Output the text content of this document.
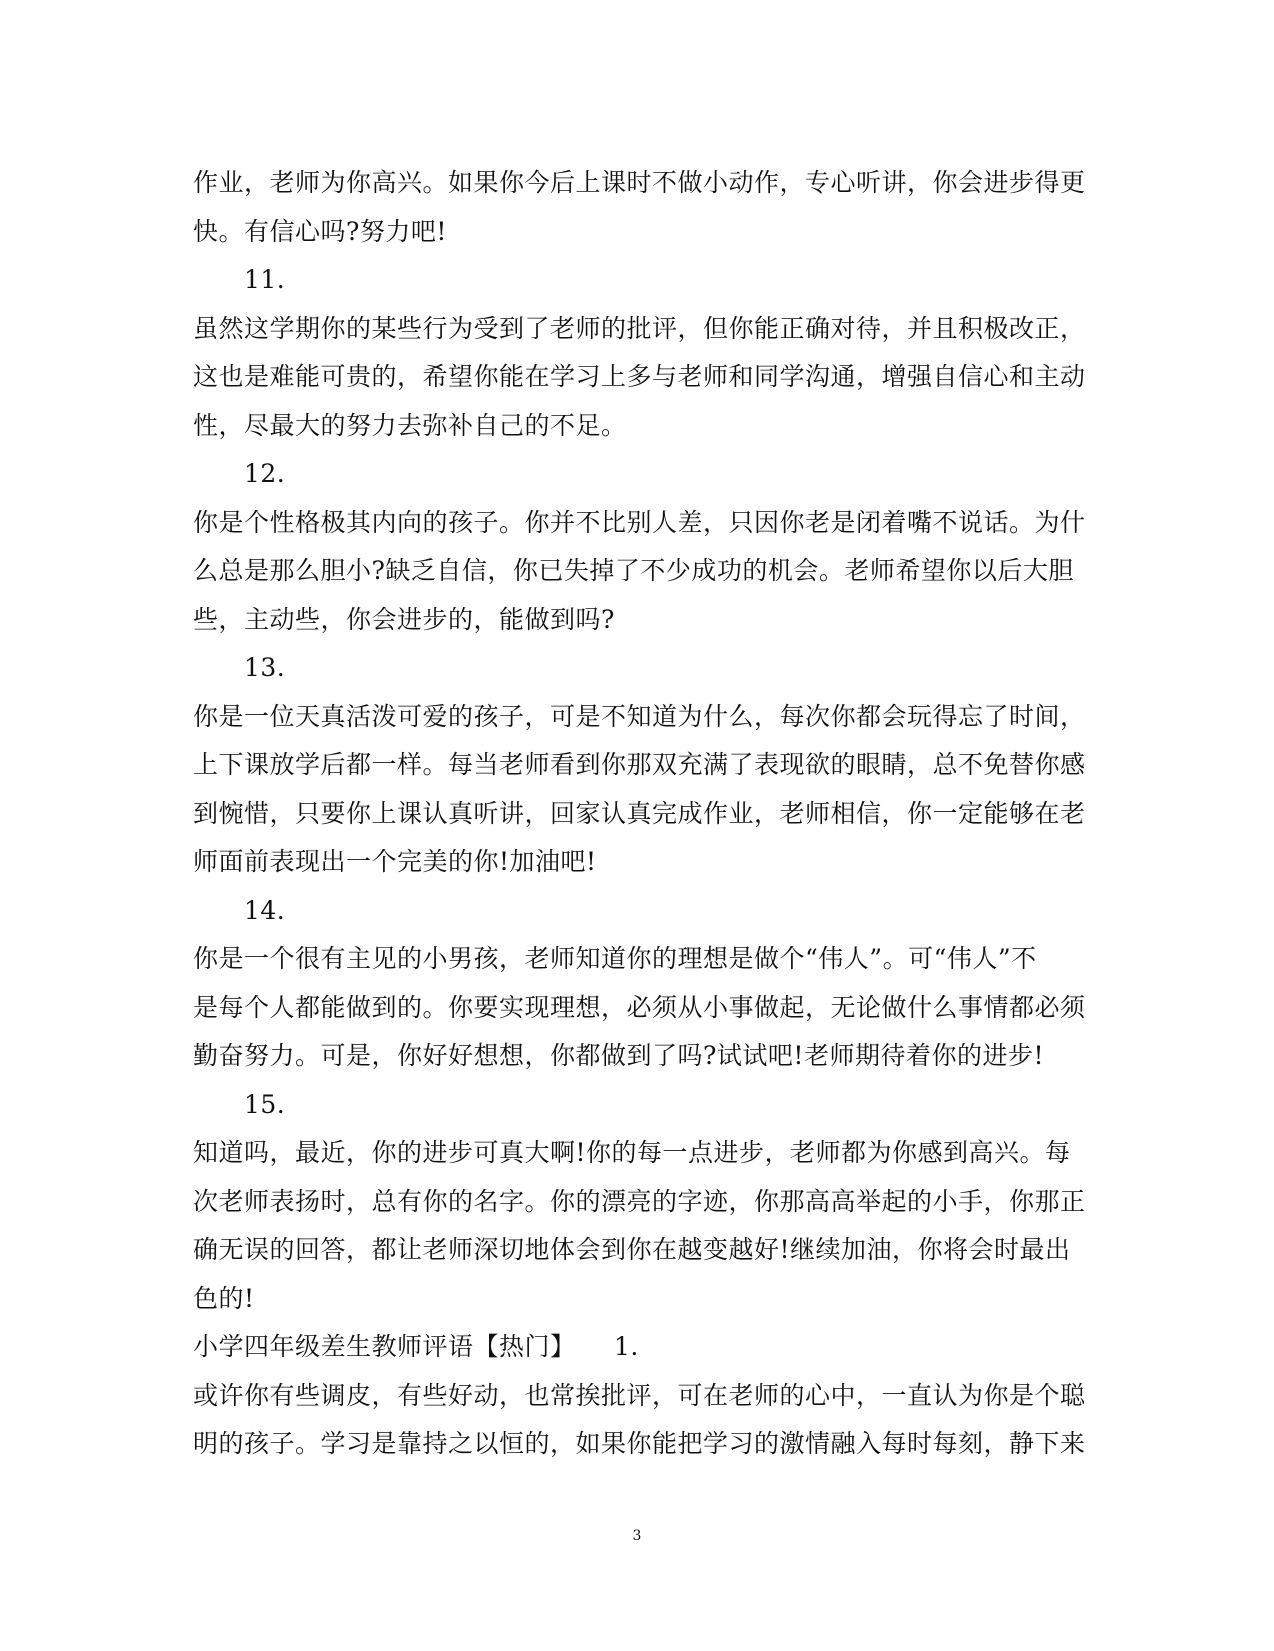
作业，老师为你高兴。如果你今后上课时不做小动作，专心听讲，你会进步得更
快。有信心吗?努力吧!
11.
虽然这学期你的某些行为受到了老师的批评，但你能正确对待，并且积极改正，
这也是难能可贵的，希望你能在学习上多与老师和同学沟通，增强自信心和主动
性，尽最大的努力去弥补自己的不足。
12.
你是个性格极其内向的孩子。你并不比别人差，只因你老是闭着嘴不说话。为什
么总是那么胆小?缺乏自信，你已失掉了不少成功的机会。老师希望你以后大胆
些，主动些，你会进步的，能做到吗?
13.
你是一位天真活泼可爱的孩子，可是不知道为什么，每次你都会玩得忘了时间，
上下课放学后都一样。每当老师看到你那双充满了表现欲的眼睛，总不免替你感
到惋惜，只要你上课认真听讲，回家认真完成作业，老师相信，你一定能够在老
师面前表现出一个完美的你!加油吧!
14.
你是一个很有主见的小男孩，老师知道你的理想是做个“伟人”。可“伟人”不
是每个人都能做到的。你要实现理想，必须从小事做起，无论做什么事情都必须
勤奋努力。可是，你好好想想，你都做到了吗?试试吧!老师期待着你的进步!
15.
知道吗，最近，你的进步可真大啊!你的每一点进步，老师都为你感到高兴。每
次老师表扬时，总有你的名字。你的漂亮的字迹，你那高高举起的小手，你那正
确无误的回答，都让老师深切地体会到你在越变越好!继续加油，你将会时最出
色的!
小学四年级差生教师评语【热门】　　1.
或许你有些调皮，有些好动，也常挨批评，可在老师的心中，一直认为你是个聪
明的孩子。学习是靠持之以恒的，如果你能把学习的激情融入每时每刻，静下来
3
